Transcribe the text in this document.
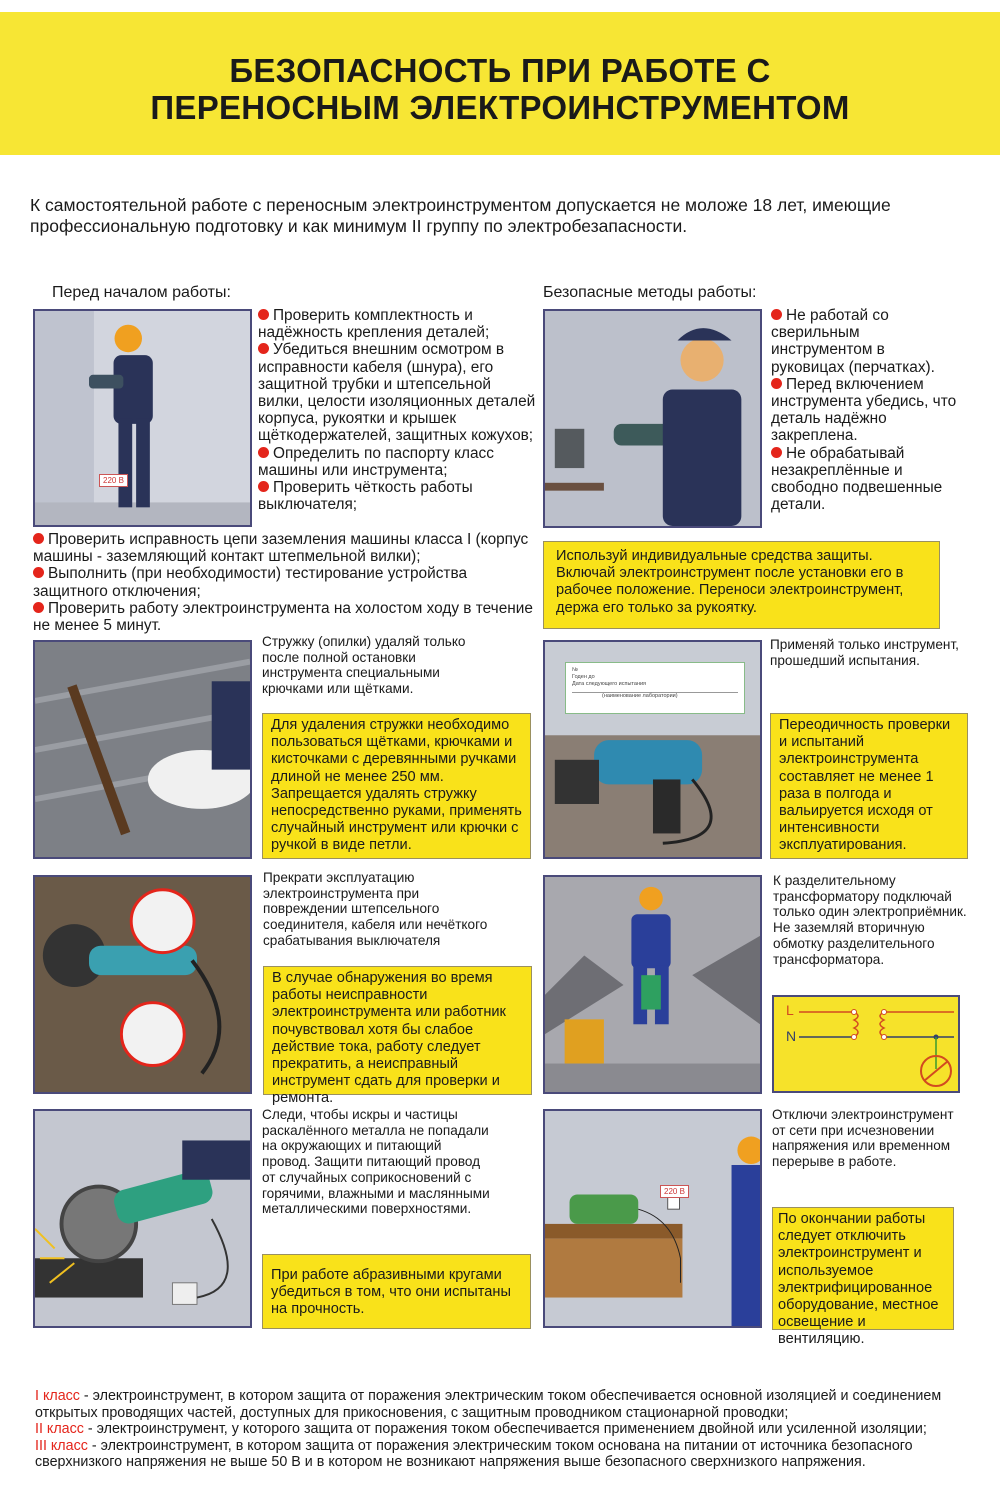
БЕЗОПАСНОСТЬ ПРИ РАБОТЕ С
ПЕРЕНОСНЫМ ЭЛЕКТРОИНСТРУМЕНТОМ
К самостоятельной работе с переносным электроинструментом допускается не моложе 18 лет, имеющие профессиональную подготовку и как минимум II группу по электробезапасности.
Перед началом работы:	Безопасные методы работы:
220 В
Проверить комплектность и надёжность крепления деталей;
Убедиться внешним осмотром в исправности кабеля (шнура), его защитной трубки и штепсельной вилки, целости изоляционных деталей корпуса, рукоятки и крышек щёткодержателей, защитных кожухов;
Определить по паспорту класс машины или инструмента;
Проверить чёткость работы выключателя;
Проверить исправность цепи заземления машины класса I (корпус машины - заземляющий контакт штепмельной вилки);
Выполнить (при необходимости) тестирование устройства защитного отключения;
Проверить работу электроинструмента на холостом ходу в течение не менее 5 минут.
Не работай со сверильным инструментом в руковицах (перчатках).
Перед включением инструмента убедись, что деталь надёжно закреплена.
Не обрабатывай незакреплённые и свободно подвешенные детали.
Используй индивидуальные средства защиты. Включай электроинструмент после установки его в рабочее положение. Переноси электроинструмент, держа его только за рукоятку.
Стружку (опилки) удаляй только после полной остановки инструмента специальными крючками или щётками.
Для удаления стружки необходимо пользоваться щётками, крючками и кисточками с деревянными ручками длиной не менее 250 мм. Запрещается удалять стружку непосредственно руками, применять случайный инструмент или крючки с ручкой в виде петли.
№
Годен до
Дата следующего испытания
(наименование лаборатории)
Применяй только инструмент, прошедший испытания.
Переодичность проверки и испытаний электроинструмента составляет не менее 1 раза в полгода и вальируется исходя от интенсивности эксплуатирования.
Прекрати эксплуатацию электроинструмента при повреждении штепсельного соединителя, кабеля или нечёткого срабатывания выключателя
В случае обнаружения во время работы неисправности электроинструмента или работник почувствовал хотя бы слабое действие тока, работу следует прекратить, а неисправный инструмент сдать для проверки и ремонта.
К разделительному трансформатору подключай только один электроприёмник. Не заземляй вторичную обмотку разделительного трансформатора.
L
N
Следи, чтобы искры и частицы раскалённого металла не попадали на окружающих и питающий провод. Защити питающий провод от случайных соприкосновений с горячими, влажными и маслянными металлическими поверхностями.
При работе абразивными кругами убедиться в том, что они испытаны на прочность.
220 В
Отключи электроинструмент от сети при исчезновении напряжения или временном перерыве в работе.
По окончании работы следует отключить электроинструмент и используемое электрифицированное оборудование, местное освещение и вентиляцию.
I класс - электроинструмент, в котором защита от поражения электрическим током обеспечивается основной изоляцией и соединением открытых проводящих частей, доступных для прикосновения, с защитным проводником стационарной проводки;
II класс - электроинструмент, у которого защита от поражения током обеспечивается применением двойной или усиленной изоляции;
III класс - электроинструмент, в котором защита от поражения электрическим током основана на питании от источника безопасного сверхнизкого напряжения не выше 50 В и в котором не возникают напряжения выше безопасного сверхнизкого напряжения.
